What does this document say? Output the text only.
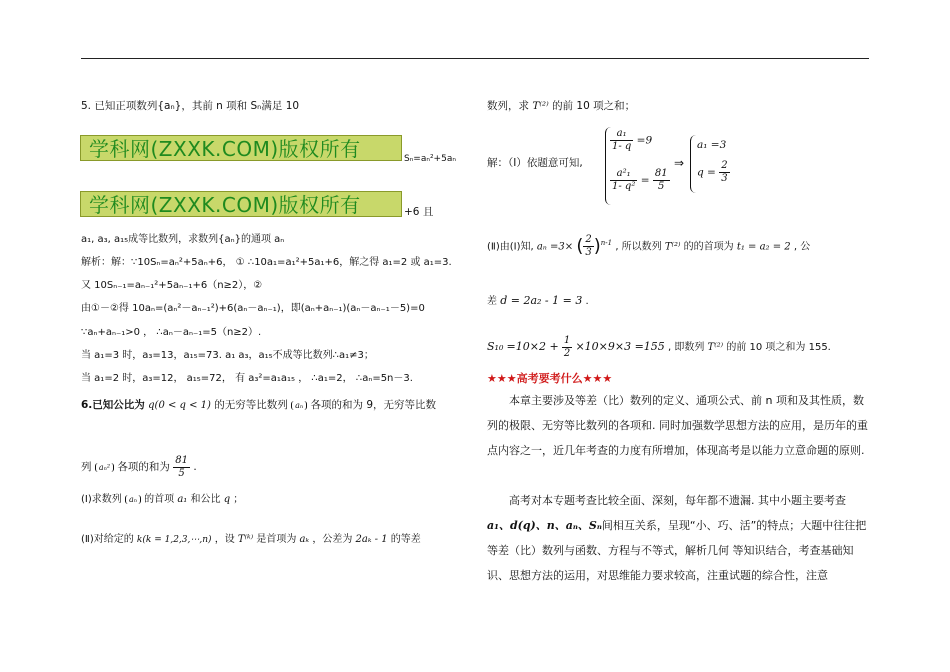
5. 已知正项数列{aₙ}，其前 n 项和 Sₙ满足 10
学科网(ZXXK.COM)版权所有	Sₙ=aₙ²+5aₙ
学科网(ZXXK.COM)版权所有	+6 且
a₁, a₃, a₁₅成等比数列，求数列{aₙ}的通项 aₙ
解析：解：∵10Sₙ=aₙ²+5aₙ+6， ① ∴10a₁=a₁²+5a₁+6，解之得 a₁=2 或 a₁=3.
又 10Sₙ₋₁=aₙ₋₁²+5aₙ₋₁+6（n≥2），②
由①－②得 10aₙ=(aₙ²－aₙ₋₁²)+6(aₙ－aₙ₋₁)，即(aₙ+aₙ₋₁)(aₙ－aₙ₋₁－5)=0
∵aₙ+aₙ₋₁>0 ， ∴aₙ－aₙ₋₁=5（n≥2）.
当 a₁=3 时，a₃=13，a₁₅=73. a₁ a₃，a₁₅不成等比数列∴a₁≠3；
当 a₁=2 时，a₃=12， a₁₅=72， 有 a₃²=a₁a₁₅ ， ∴a₁=2， ∴aₙ=5n－3.
6.已知公比为 q(0 < q < 1) 的无穷等比数列 aₙ 各项的和为 9，无穷等比数
列 aₙ² 各项的和为 $\frac{81}{5}$ .
(Ⅰ)求数列 aₙ 的首项 a₁ 和公比 q ；
(Ⅱ)对给定的 k(k = 1,2,3,⋯,n) ，设 T⁽ᵏ⁾ 是首项为 aₖ ，公差为 2aₖ - 1 的等差
数列，求 T⁽²⁾ 的前 10 项之和；
解：（Ⅰ）依题意可知,
$\frac{\text{a₁}}{1- q} =9$
$\frac{\text{a²₁}}{\text{1- q²}} = \frac{81}{5}$
⇒
a₁ =3
$q = \frac{2}{3}$
(Ⅱ)由(Ⅰ)知, aₙ =3× ( $\frac{2}{3} )^{n-1}$ , 所以数列 T⁽²⁾ 的的首项为 t₁ = a₂ = 2 , 公
差 d = 2a₂ - 1 = 3 .
$S_{10} =10\times 2 + \frac{1}{2} \times 10\times 9\times 3 =155$ , 即数列 T⁽²⁾ 的前 10 项之和为 155.
★★★高考要考什么★★★
本章主要涉及等差（比）数列的定义、通项公式、前 n 项和及其性质，数列的极限、无穷等比数列的各项和. 同时加强数学思想方法的应用，是历年的重点内容之一，近几年考查的力度有所增加，体现高考是以能力立意命题的原则.
高考对本专题考查比较全面、深刻，每年都不遗漏. 其中小题主要考查 a₁、d(q)、n、aₙ、Sₙ间相互关系，呈现“小、巧、活”的特点；大题中往往把等差（比）数列与函数、方程与不等式，解析几何 等知识结合，考查基础知识、思想方法的运用，对思维能力要求较高，注重试题的综合性，注意
